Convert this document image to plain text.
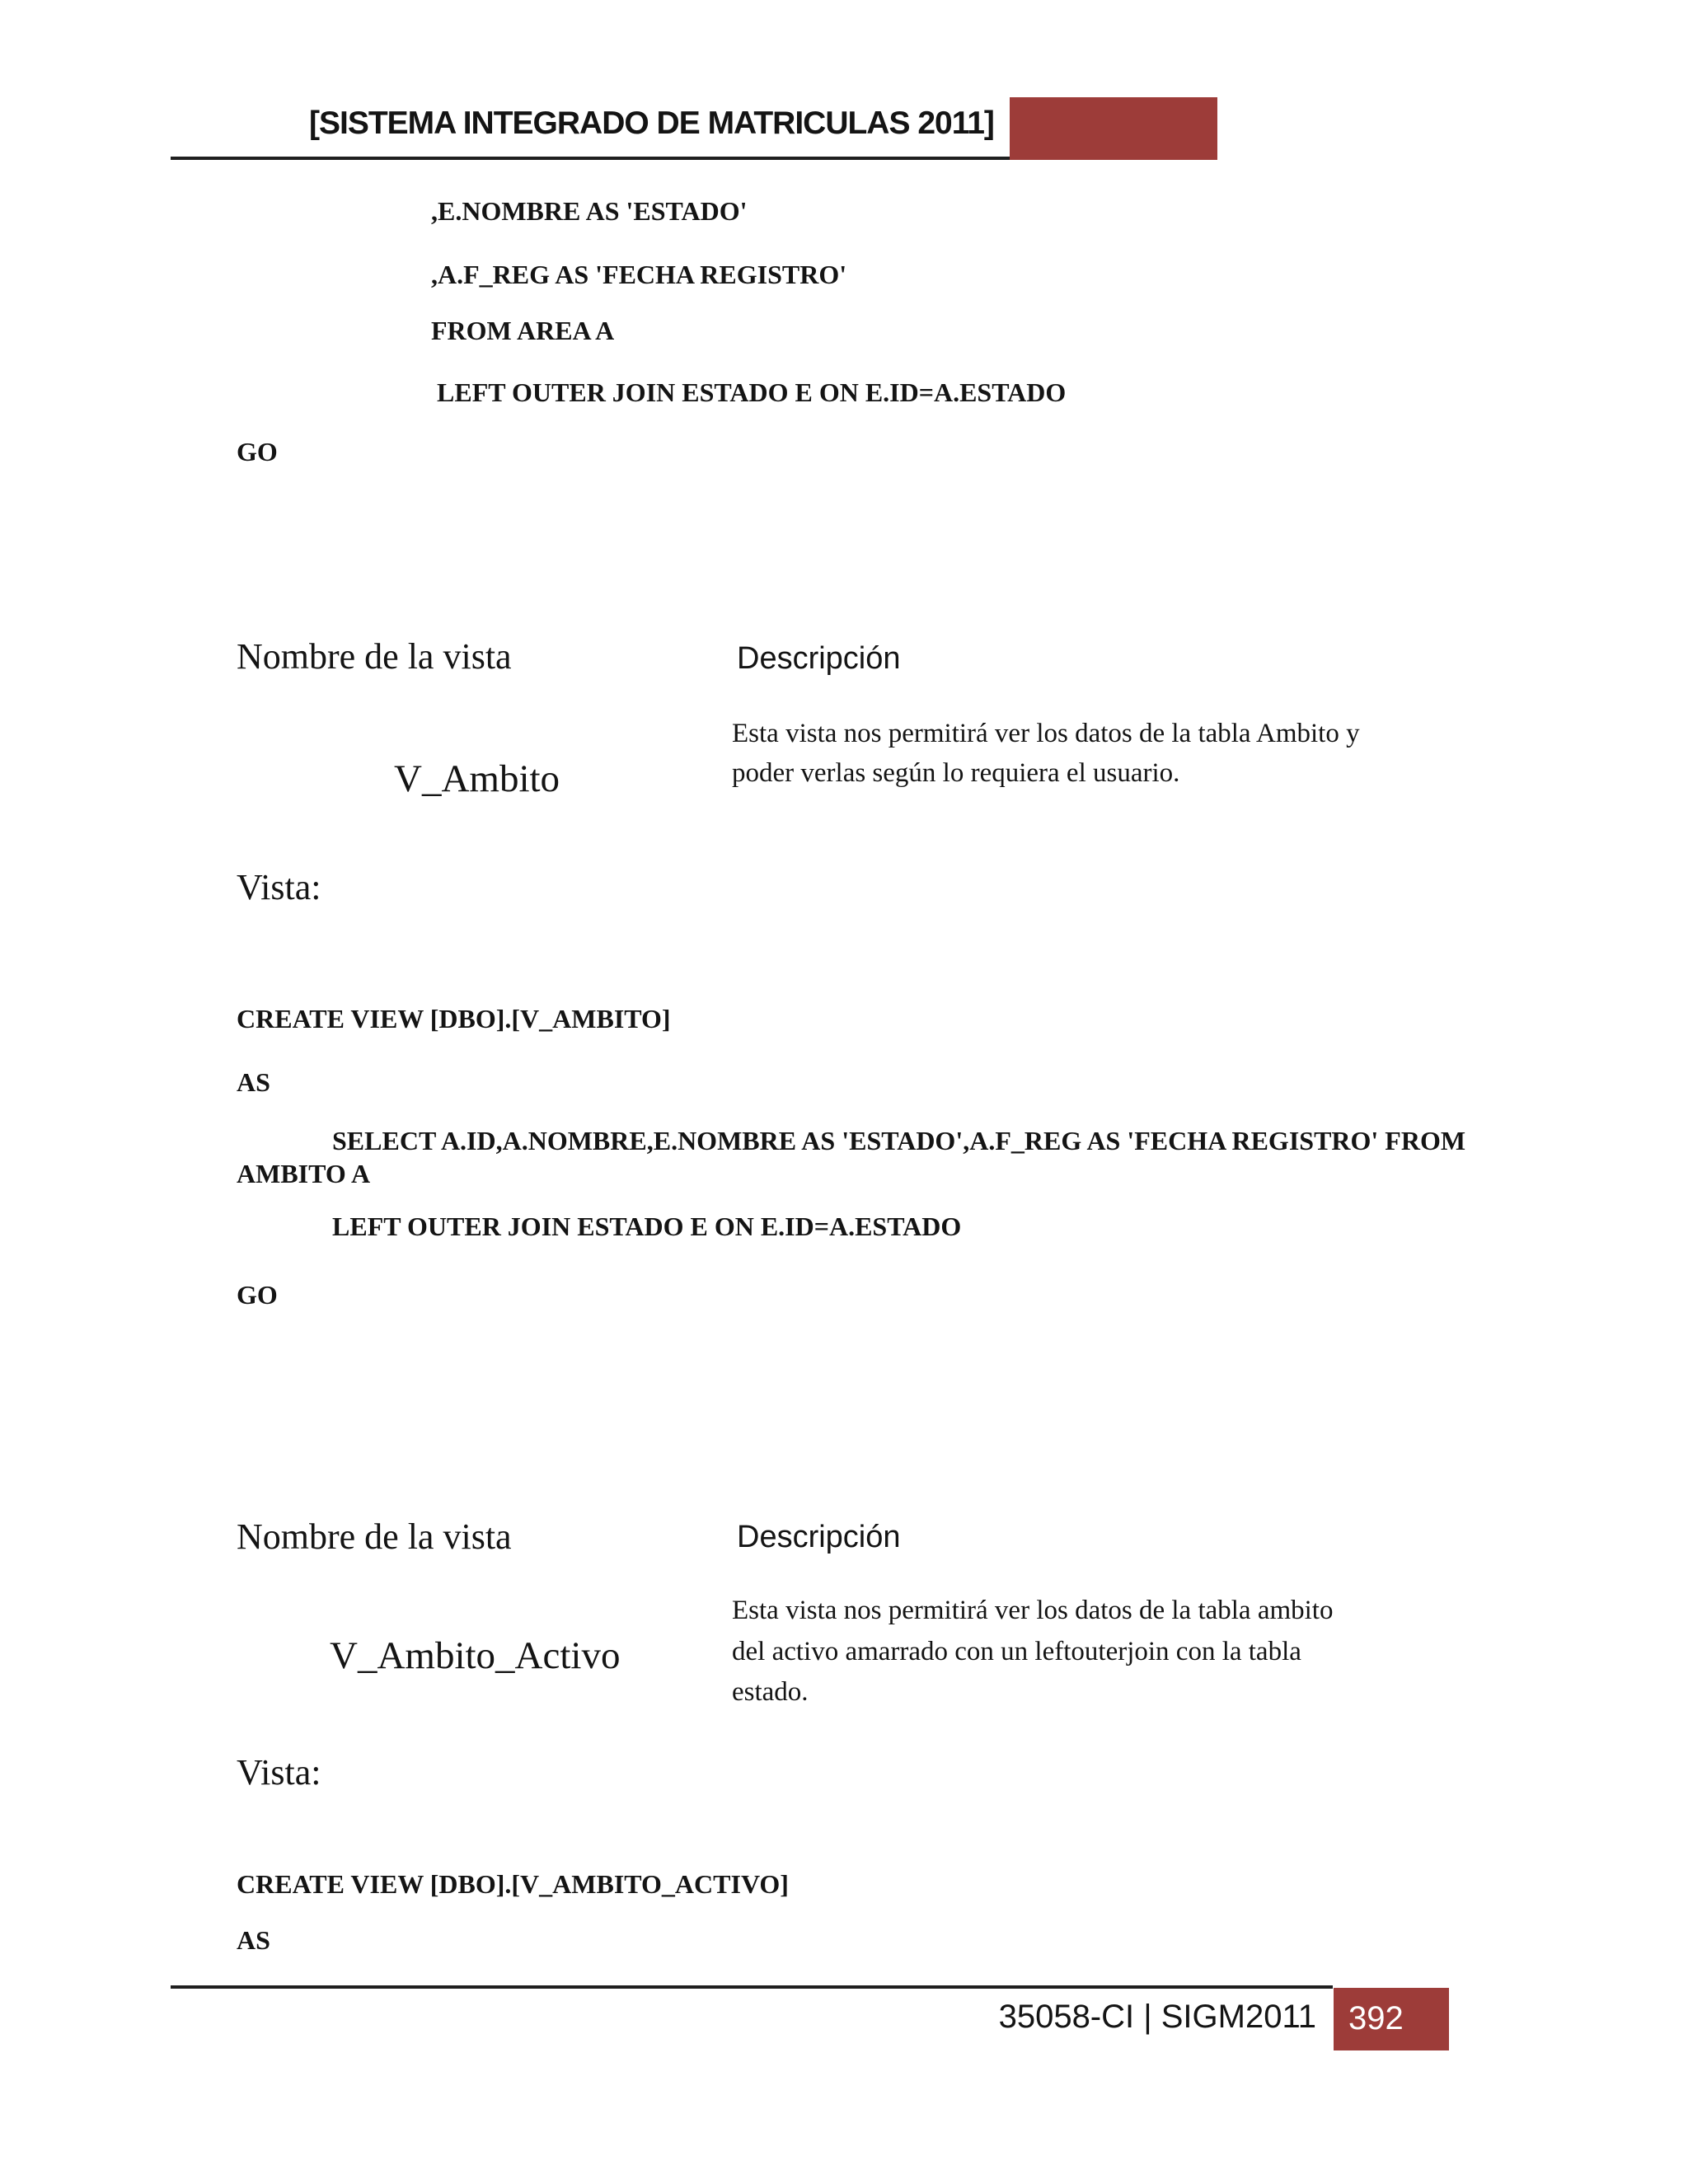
[SISTEMA INTEGRADO DE MATRICULAS 2011]
,E.NOMBRE AS 'ESTADO'
,A.F_REG AS 'FECHA REGISTRO'
FROM AREA A
LEFT OUTER JOIN ESTADO E ON E.ID=A.ESTADO
GO
Nombre de la vista	Descripción
Esta vista nos permitirá ver los datos de la tabla Ambito y
poder verlas según lo requiera el usuario.
V_Ambito
Vista:
CREATE VIEW [DBO].[V_AMBITO]
AS
SELECT A.ID,A.NOMBRE,E.NOMBRE AS 'ESTADO',A.F_REG AS 'FECHA REGISTRO' FROM
AMBITO A
LEFT OUTER JOIN ESTADO E ON E.ID=A.ESTADO
GO
Nombre de la vista	Descripción
Esta vista nos permitirá ver los datos de la tabla ambito
del activo amarrado con un leftouterjoin con la tabla
estado.
V_Ambito_Activo
Vista:
CREATE VIEW [DBO].[V_AMBITO_ACTIVO]
AS
35058-CI | SIGM2011 392
